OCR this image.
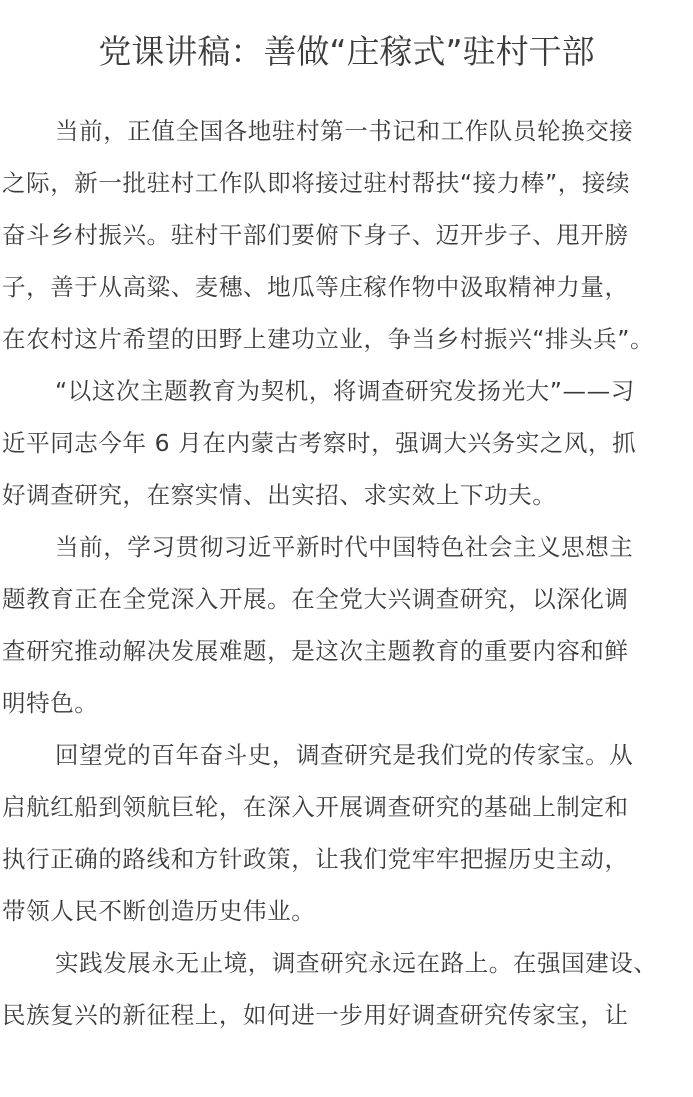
党课讲稿：善做“庄稼式”驻村干部

当前，正值全国各地驻村第一书记和工作队员轮换交接
之际，新一批驻村工作队即将接过驻村帮扶“接力棒”，接续
奋斗乡村振兴。驻村干部们要俯下身子、迈开步子、甩开膀
子，善于从高粱、麦穗、地瓜等庄稼作物中汲取精神力量，
在农村这片希望的田野上建功立业，争当乡村振兴“排头兵”。

“以这次主题教育为契机，将调查研究发扬光大”——习
近平同志今年 6 月在内蒙古考察时，强调大兴务实之风，抓
好调查研究，在察实情、出实招、求实效上下功夫。

当前，学习贯彻习近平新时代中国特色社会主义思想主
题教育正在全党深入开展。在全党大兴调查研究，以深化调
查研究推动解决发展难题，是这次主题教育的重要内容和鲜
明特色。

回望党的百年奋斗史，调查研究是我们党的传家宝。从
启航红船到领航巨轮，在深入开展调查研究的基础上制定和
执行正确的路线和方针政策，让我们党牢牢把握历史主动，
带领人民不断创造历史伟业。

实践发展永无止境，调查研究永远在路上。在强国建设、
民族复兴的新征程上，如何进一步用好调查研究传家宝，让
